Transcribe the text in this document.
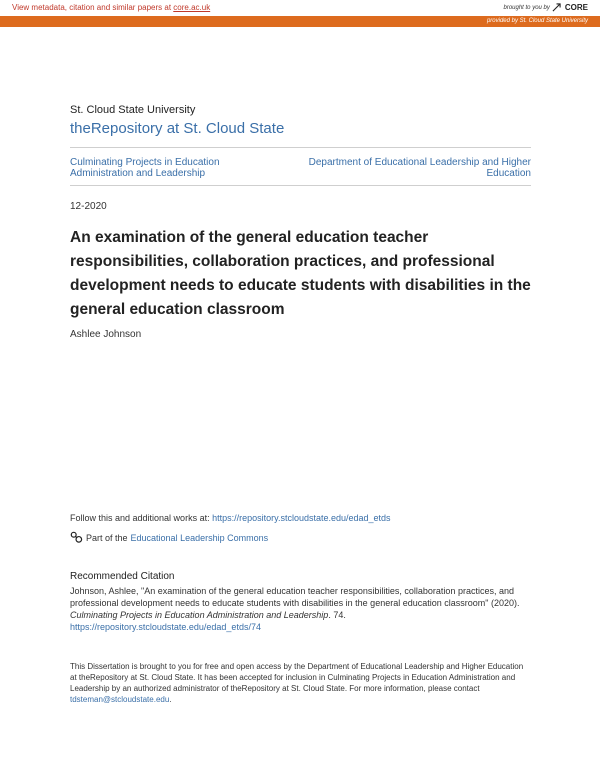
View metadata, citation and similar papers at core.ac.uk	brought to you by CORE
provided by St. Cloud State University
St. Cloud State University
theRepository at St. Cloud State
Culminating Projects in Education Administration and Leadership
Department of Educational Leadership and Higher Education
12-2020
An examination of the general education teacher responsibilities, collaboration practices, and professional development needs to educate students with disabilities in the general education classroom
Ashlee Johnson
Follow this and additional works at: https://repository.stcloudstate.edu/edad_etds
Part of the Educational Leadership Commons
Recommended Citation
Johnson, Ashlee, "An examination of the general education teacher responsibilities, collaboration practices, and professional development needs to educate students with disabilities in the general education classroom" (2020). Culminating Projects in Education Administration and Leadership. 74.
https://repository.stcloudstate.edu/edad_etds/74
This Dissertation is brought to you for free and open access by the Department of Educational Leadership and Higher Education at theRepository at St. Cloud State. It has been accepted for inclusion in Culminating Projects in Education Administration and Leadership by an authorized administrator of theRepository at St. Cloud State. For more information, please contact tdsteman@stcloudstate.edu.
